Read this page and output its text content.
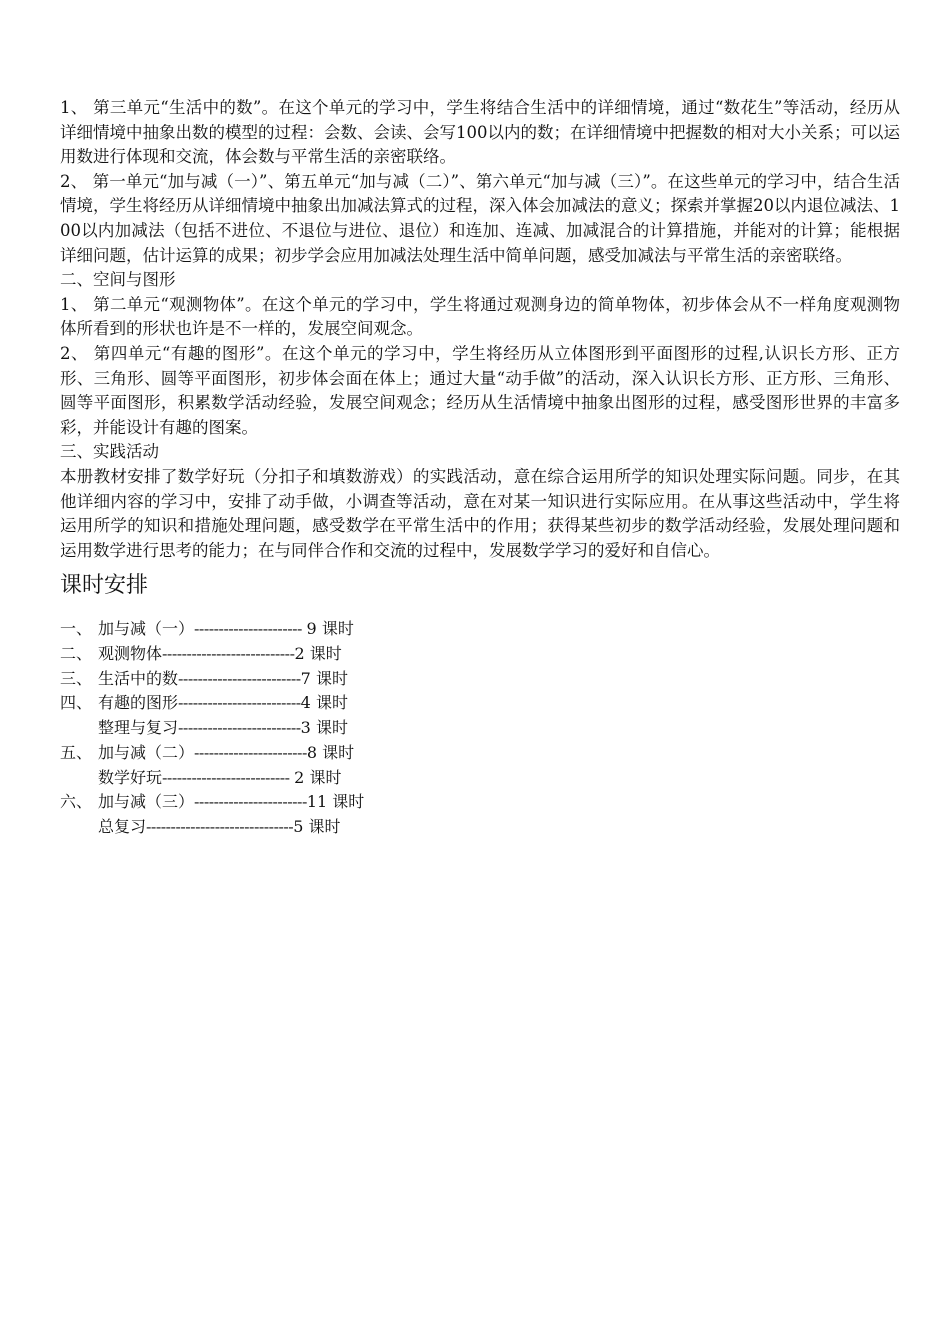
1、 第三单元“生活中的数”。在这个单元的学习中，学生将结合生活中的详细情境，通过“数花生”等活动，经历从详细情境中抽象出数的模型的过程：会数、会读、会写100以内的数；在详细情境中把握数的相对大小关系；可以运用数进行体现和交流，体会数与平常生活的亲密联络。

2、 第一单元“加与减（一）”、第五单元“加与减（二）”、第六单元“加与减（三）”。在这些单元的学习中，结合生活情境，学生将经历从详细情境中抽象出加减法算式的过程，深入体会加减法的意义；探索并掌握20以内退位减法、100以内加减法（包括不进位、不退位与进位、退位）和连加、连减、加减混合的计算措施，并能对的计算；能根据详细问题，估计运算的成果；初步学会应用加减法处理生活中简单问题，感受加减法与平常生活的亲密联络。

二、空间与图形

1、 第二单元“观测物体”。在这个单元的学习中，学生将通过观测身边的简单物体，初步体会从不一样角度观测物体所看到的形状也许是不一样的，发展空间观念。

2、 第四单元“有趣的图形”。在这个单元的学习中，学生将经历从立体图形到平面图形的过程,认识长方形、正方形、三角形、圆等平面图形，初步体会面在体上；通过大量“动手做”的活动，深入认识长方形、正方形、三角形、圆等平面图形，积累数学活动经验，发展空间观念；经历从生活情境中抽象出图形的过程，感受图形世界的丰富多彩，并能设计有趣的图案。

三、实践活动

本册教材安排了数学好玩（分扣子和填数游戏）的实践活动，意在综合运用所学的知识处理实际问题。同步，在其他详细内容的学习中，安排了动手做，小调查等活动，意在对某一知识进行实际应用。在从事这些活动中，学生将运用所学的知识和措施处理问题，感受数学在平常生活中的作用；获得某些初步的数学活动经验，发展处理问题和运用数学进行思考的能力；在与同伴合作和交流的过程中，发展数学学习的爱好和自信心。

课时安排
一、 加与减（一） ---------------------- 9 课时
二、 观测物体 --------------------------- 2 课时
三、 生活中的数 ------------------------- 7 课时
四、 有趣的图形 ------------------------- 4 课时
整理与复习 ------------------------- 3 课时
五、 加与减（二） ----------------------- 8 课时
数学好玩 -------------------------- 2 课时
六、 加与减（三） ----------------------- 11 课时
总复习 ------------------------------ 5 课时
